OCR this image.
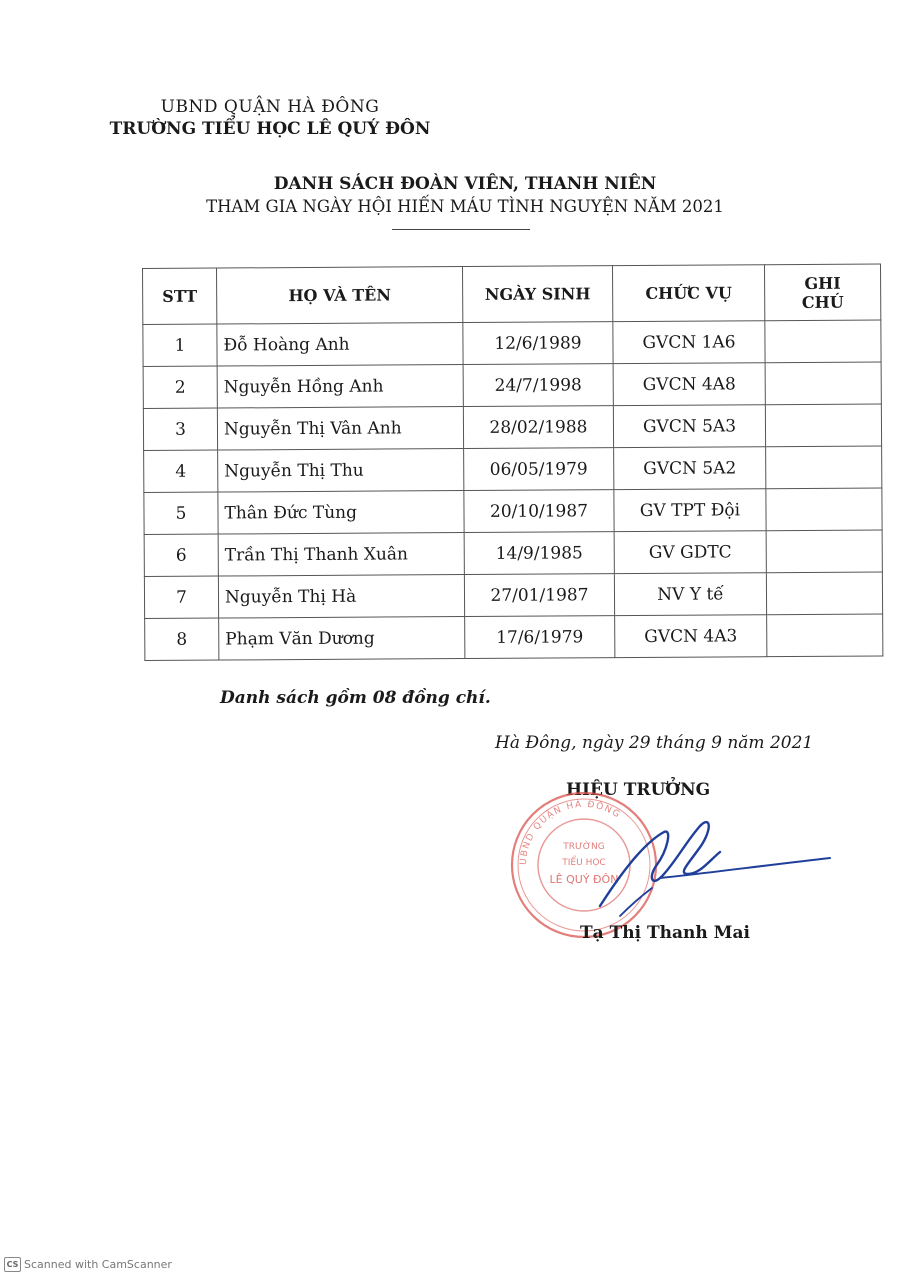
UBND QUẬN HÀ ĐÔNG
TRƯỜNG TIỂU HỌC LÊ QUÝ ĐÔN
DANH SÁCH ĐOÀN VIÊN, THANH NIÊN
THAM GIA NGÀY HỘI HIẾN MÁU TÌNH NGUYỆN NĂM 2021
STT	HỌ VÀ TÊN	NGÀY SINH	CHỨC VỤ	GHI
CHÚ

1	Đỗ Hoàng Anh	12/6/1989	GVCN 1A6	
2	Nguyễn Hồng Anh	24/7/1998	GVCN 4A8	
3	Nguyễn Thị Vân Anh	28/02/1988	GVCN 5A3	
4	Nguyễn Thị Thu	06/05/1979	GVCN 5A2	
5	Thân Đức Tùng	20/10/1987	GV TPT Đội	
6	Trần Thị Thanh Xuân	14/9/1985	GV GDTC	
7	Nguyễn Thị Hà	27/01/1987	NV Y tế	
8	Phạm Văn Dương	17/6/1979	GVCN 4A3	
Danh sách gồm 08 đồng chí.
Hà Đông, ngày 29 tháng 9 năm 2021
HIỆU TRƯỞNG
UBND QUẬN HÀ ĐÔNG
TRƯỜNG
TIỂU HỌC
LÊ QUÝ ĐÔN
Tạ Thị Thanh Mai
CS Scanned with CamScanner
